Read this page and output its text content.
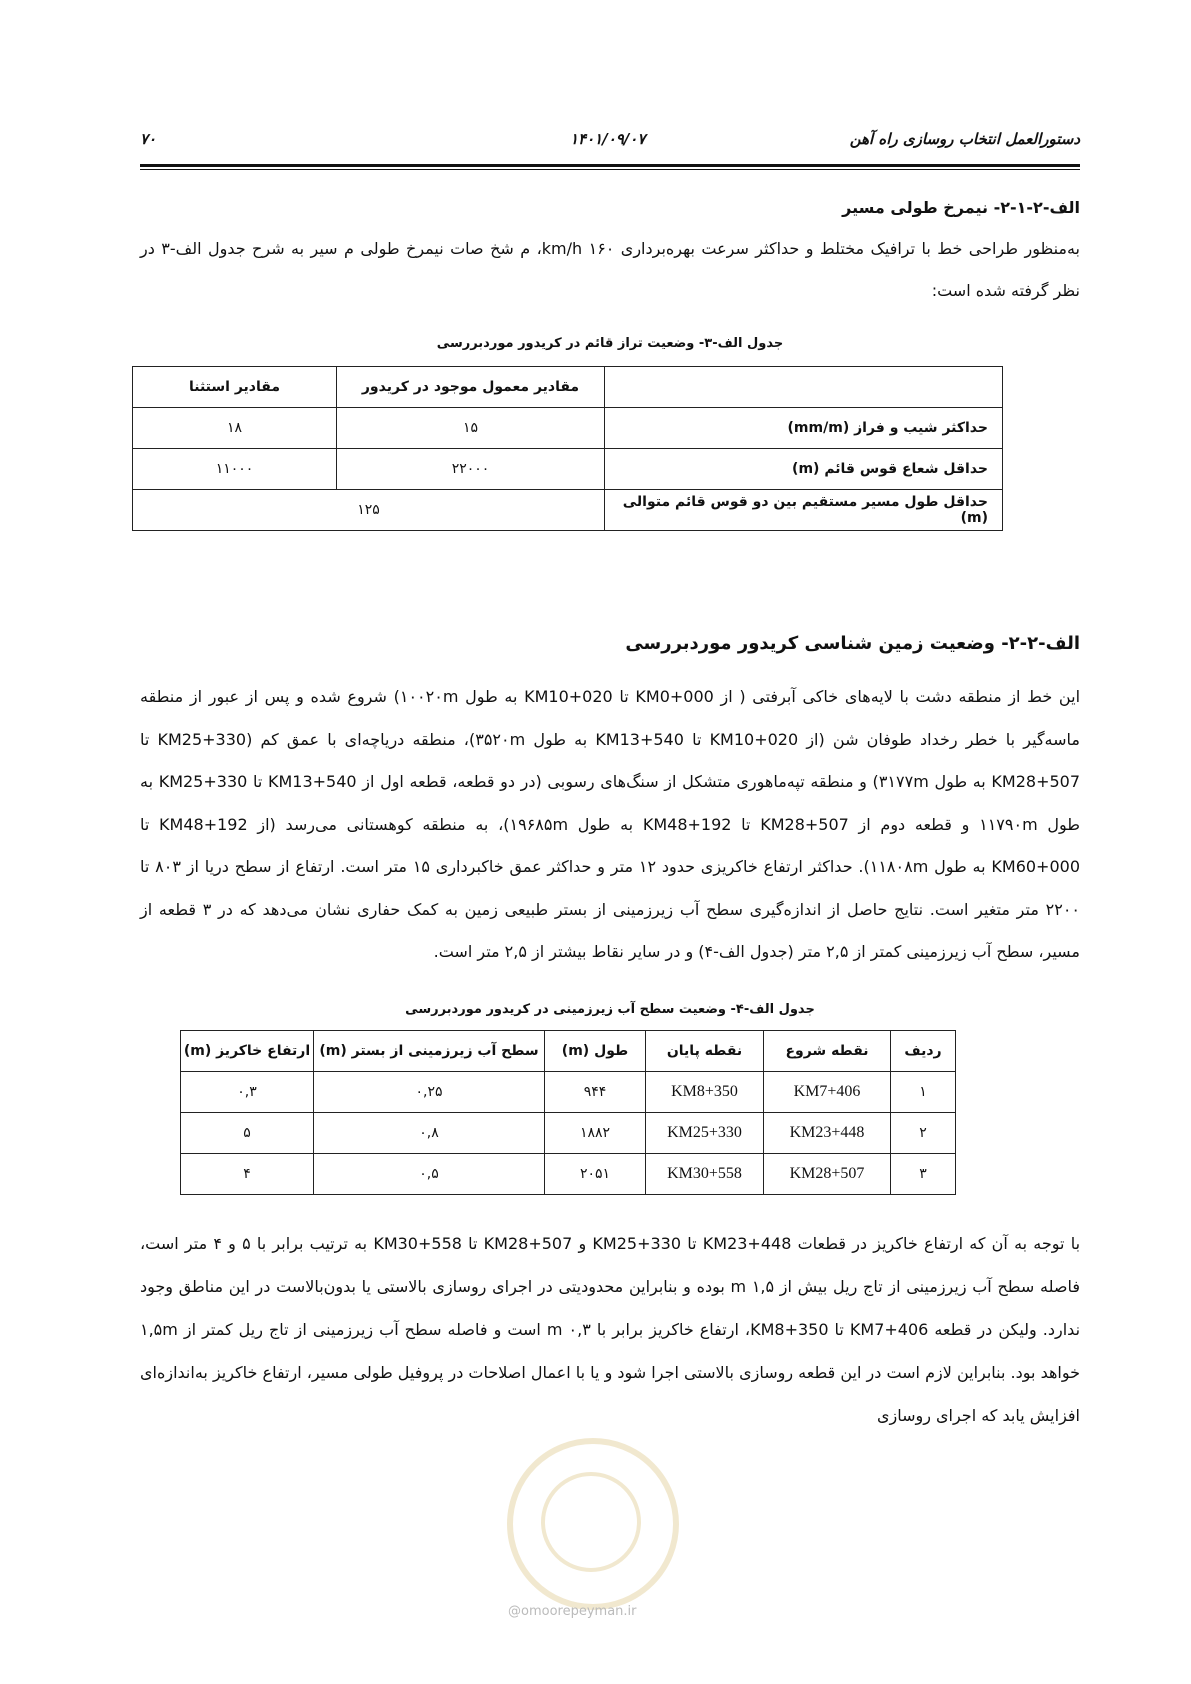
دستورالعمل انتخاب روسازی راه آهن
۱۴۰۱/۰۹/۰۷
۷۰
الف-۲-۱-۲- نیمرخ طولی مسیر

به‌منظور طراحی خط با ترافیک مختلط و حداکثر سرعت بهره‌برداری ۱۶۰ km/h، م شخ صات نیمرخ طولی م سیر به شرح جدول الف-۳ در نظر گرفته شده است:

جدول الف-۳- وضعیت تراز قائم در کریدور موردبررسی
	مقادیر معمول موجود در کریدور	مقادیر استثنا
حداکثر شیب و فراز (mm/m)	۱۵	۱۸
حداقل شعاع قوس قائم (m)	۲۲۰۰۰	۱۱۰۰۰
حداقل طول مسیر مستقیم بین دو قوس قائم متوالی (m)	۱۲۵	
الف-۲-۲- وضعیت زمین شناسی کریدور موردبررسی

این خط از منطقه دشت با لایه‌های خاکی آبرفتی ( از KM0+000 تا KM10+020 به طول ۱۰۰۲۰m) شروع شده و پس از عبور از منطقه ماسه‌گیر با خطر رخداد طوفان شن (از KM10+020 تا KM13+540 به طول ۳۵۲۰m)، منطقه دریاچه‌ای با عمق کم (KM25+330 تا KM28+507 به طول ۳۱۷۷m) و منطقه تپه‌ماهوری متشکل از سنگ‌های رسوبی (در دو قطعه، قطعه اول از KM13+540 تا KM25+330 به طول ۱۱۷۹۰m و قطعه دوم از KM28+507 تا KM48+192 به طول ۱۹۶۸۵m)، به منطقه کوهستانی می‌رسد (از KM48+192 تا KM60+000 به طول ۱۱۸۰۸m). حداکثر ارتفاع خاکریزی حدود ۱۲ متر و حداکثر عمق خاکبرداری ۱۵ متر است. ارتفاع از سطح دریا از ۸۰۳ تا ۲۲۰۰ متر متغیر است. نتایج حاصل از اندازه‌گیری سطح آب زیرزمینی از بستر طبیعی زمین به کمک حفاری نشان می‌دهد که در ۳ قطعه از مسیر، سطح آب زیرزمینی کمتر از ۲,۵ متر (جدول الف-۴) و در سایر نقاط بیشتر از ۲,۵ متر است.

جدول الف-۴- وضعیت سطح آب زیرزمینی در کریدور موردبررسی
ردیف	نقطه شروع	نقطه پایان	طول (m)	سطح آب زیرزمینی از بستر (m)	ارتفاع خاکریز (m)
۱	KM7+406	KM8+350	۹۴۴	۰,۲۵	۰,۳
۲	KM23+448	KM25+330	۱۸۸۲	۰,۸	۵
۳	KM28+507	KM30+558	۲۰۵۱	۰,۵	۴

با توجه به آن که ارتفاع خاکریز در قطعات KM23+448 تا KM25+330 و KM28+507 تا KM30+558 به ترتیب برابر با ۵ و ۴ متر است، فاصله سطح آب زیرزمینی از تاج ریل بیش از ۱,۵ m بوده و بنابراین محدودیتی در اجرای روسازی بالاستی یا بدون‌بالاست در این مناطق وجود ندارد. ولیکن در قطعه KM7+406 تا KM8+350، ارتفاع خاکریز برابر با ۰,۳ m است و فاصله سطح آب زیرزمینی از تاج ریل کمتر از ۱,۵m خواهد بود. بنابراین لازم است در این قطعه روسازی بالاستی اجرا شود و یا با اعمال اصلاحات در پروفیل طولی مسیر، ارتفاع خاکریز به‌اندازه‌ای افزایش یابد که اجرای روسازی

@omoorepeyman.ir
